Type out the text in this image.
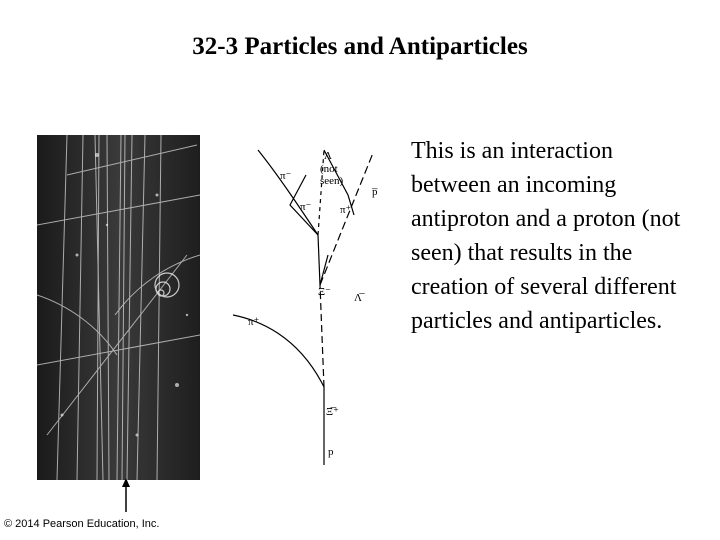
32-3 Particles and Antiparticles
Λ
(not
seen)
π⁻
π⁻	π⁺
p̅
Ξ⁻ Λ̅
π⁺
Ξ̅⁺
p

This is an interaction between an incoming antiproton and a proton (not seen) that results in the creation of several different particles and antiparticles.

© 2014 Pearson Education, Inc.
